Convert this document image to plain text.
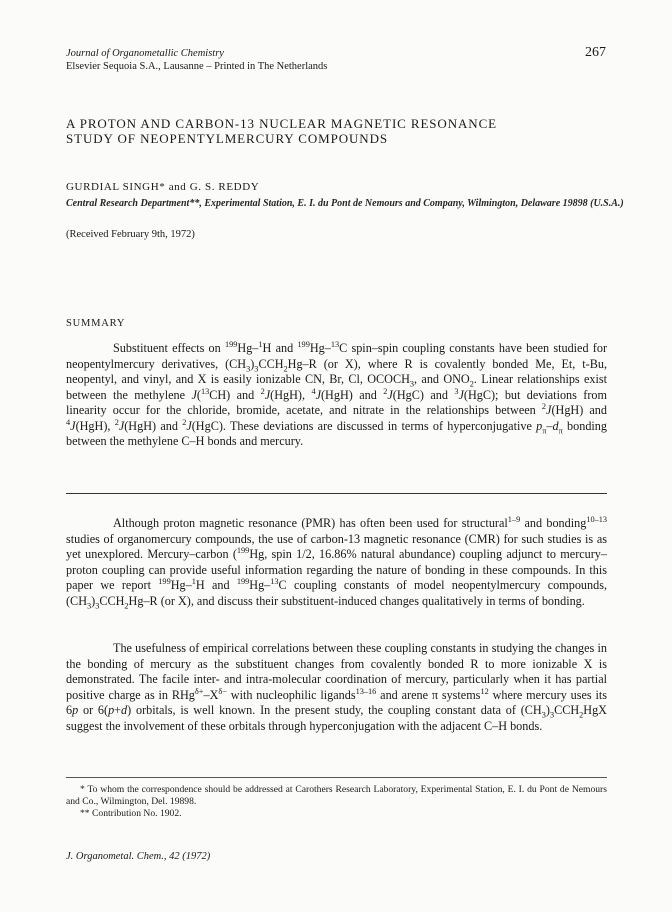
Journal of Organometallic Chemistry
Elsevier Sequoia S.A., Lausanne – Printed in The Netherlands
267
A PROTON AND CARBON-13 NUCLEAR MAGNETIC RESONANCE
STUDY OF NEOPENTYLMERCURY COMPOUNDS
GURDIAL SINGH* and G. S. REDDY
Central Research Department**, Experimental Station, E. I. du Pont de Nemours and Company, Wilmington, Delaware 19898 (U.S.A.)
(Received February 9th, 1972)
SUMMARY
Substituent effects on $^{199}$Hg–$^1$H and $^{199}$Hg–$^{13}$C spin–spin coupling constants have been studied for neopentylmercury derivatives, $(CH_3)_3CCH_2Hg-R$ (or X), where R is covalently bonded Me, Et, t-Bu, neopentyl, and vinyl, and X is easily ionizable CN, Br, Cl, $OCOCH_3$, and $ONO_2$. Linear relationships exist between the methylene J($^{13}$CH) and $^2$J(HgH), $^4$J(HgH) and $^2$J(HgC) and $^3$J(HgC); but deviations from linearity occur for the chloride, bromide, acetate, and nitrate in the relationships between $^2$J(HgH) and $^4$J(HgH), $^2$J(HgH) and $^2$J(HgC). These deviations are discussed in terms of hyperconjugative $p_\pi-d_\pi$ bonding between the methylene C–H bonds and mercury.
Although proton magnetic resonance (PMR) has often been used for structural$^{1-9}$ and bonding$^{10-13}$ studies of organomercury compounds, the use of carbon-13 magnetic resonance (CMR) for such studies is as yet unexplored. Mercury–carbon ($^{199}$Hg, spin 1/2, 16.86% natural abundance) coupling adjunct to mercury–proton coupling can provide useful information regarding the nature of bonding in these compounds. In this paper we report $^{199}$Hg–$^1$H and $^{199}$Hg–$^{13}$C coupling constants of model neopentylmercury compounds, $(CH_3)_3CCH_2Hg-R$ (or X), and discuss their substituent-induced changes qualitatively in terms of bonding.
The usefulness of empirical correlations between these coupling constants in studying the changes in the bonding of mercury as the substituent changes from covalently bonded R to more ionizable X is demonstrated. The facile inter- and intra-molecular coordination of mercury, particularly when it has partial positive charge as in $RHg^{\delta+}-X^{\delta-}$ with nucleophilic ligands$^{13-16}$ and arene π systems$^{12}$ where mercury uses its 6p or 6(p+d) orbitals, is well known. In the present study, the coupling constant data of $(CH_3)_3CCH_2HgX$ suggest the involvement of these orbitals through hyperconjugation with the adjacent C–H bonds.
* To whom the correspondence should be addressed at Carothers Research Laboratory, Experimental Station, E. I. du Pont de Nemours and Co., Wilmington, Del. 19898.
** Contribution No. 1902.
J. Organometal. Chem., 42 (1972)
